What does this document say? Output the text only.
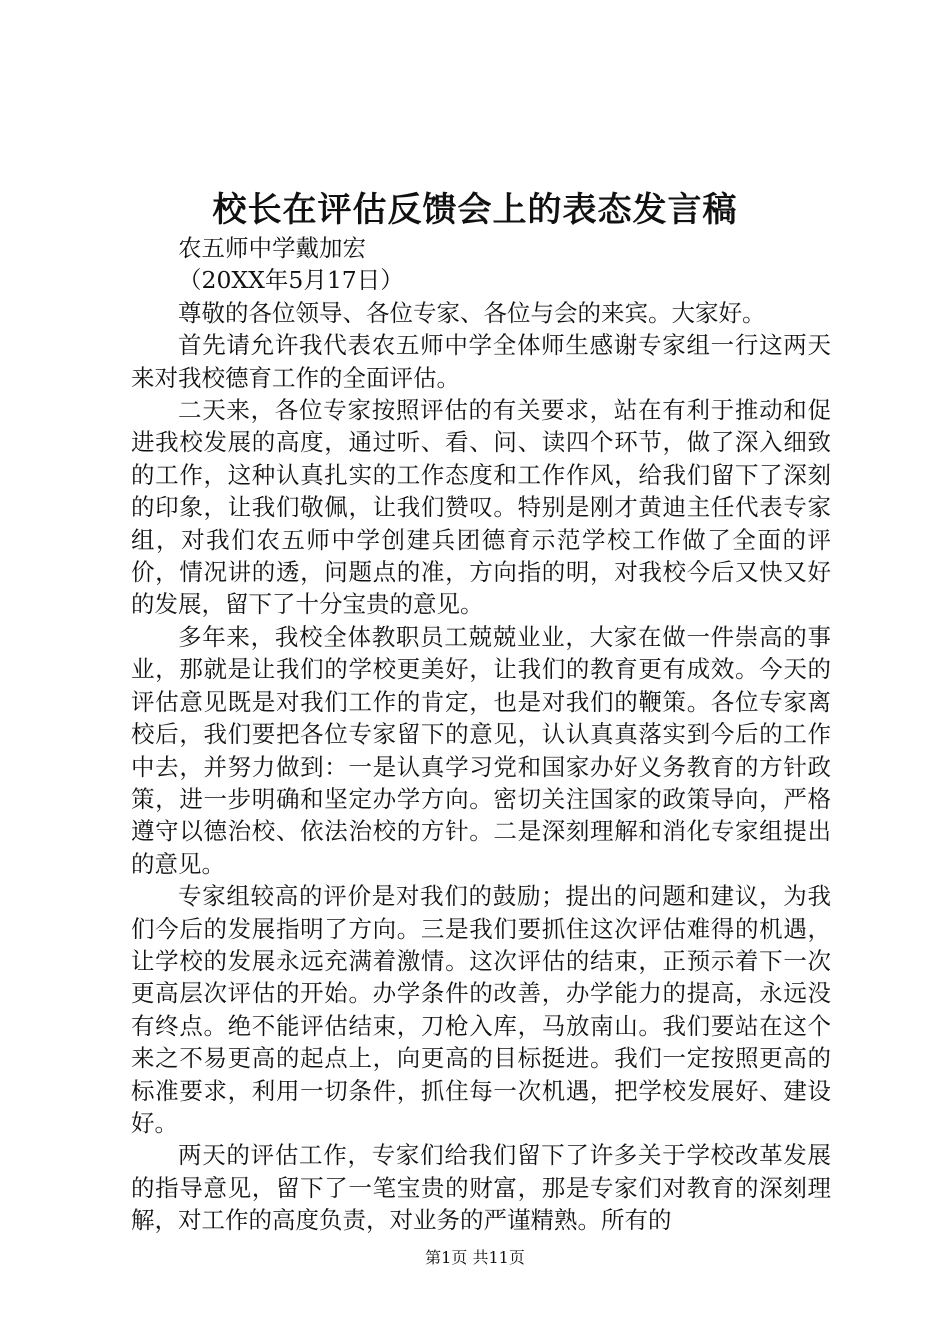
校长在评估反馈会上的表态发言稿

农五师中学戴加宏

（20XX年5月17日）

尊敬的各位领导、各位专家、各位与会的来宾。大家好。

首先请允许我代表农五师中学全体师生感谢专家组一行这两天来对我校德育工作的全面评估。

二天来，各位专家按照评估的有关要求，站在有利于推动和促进我校发展的高度，通过听、看、问、读四个环节，做了深入细致的工作，这种认真扎实的工作态度和工作作风，给我们留下了深刻的印象，让我们敬佩，让我们赞叹。特别是刚才黄迪主任代表专家组，对我们农五师中学创建兵团德育示范学校工作做了全面的评价，情况讲的透，问题点的准，方向指的明，对我校今后又快又好的发展，留下了十分宝贵的意见。

多年来，我校全体教职员工兢兢业业，大家在做一件崇高的事业，那就是让我们的学校更美好，让我们的教育更有成效。今天的评估意见既是对我们工作的肯定，也是对我们的鞭策。各位专家离校后，我们要把各位专家留下的意见，认认真真落实到今后的工作中去，并努力做到：一是认真学习党和国家办好义务教育的方针政策，进一步明确和坚定办学方向。密切关注国家的政策导向，严格遵守以德治校、依法治校的方针。二是深刻理解和消化专家组提出的意见。

专家组较高的评价是对我们的鼓励；提出的问题和建议，为我们今后的发展指明了方向。三是我们要抓住这次评估难得的机遇，让学校的发展永远充满着激情。这次评估的结束，正预示着下一次更高层次评估的开始。办学条件的改善，办学能力的提高，永远没有终点。绝不能评估结束，刀枪入库，马放南山。我们要站在这个来之不易更高的起点上，向更高的目标挺进。我们一定按照更高的标准要求，利用一切条件，抓住每一次机遇，把学校发展好、建设好。

两天的评估工作，专家们给我们留下了许多关于学校改革发展的指导意见，留下了一笔宝贵的财富，那是专家们对教育的深刻理解，对工作的高度负责，对业务的严谨精熟。所有的

第1页 共11页
